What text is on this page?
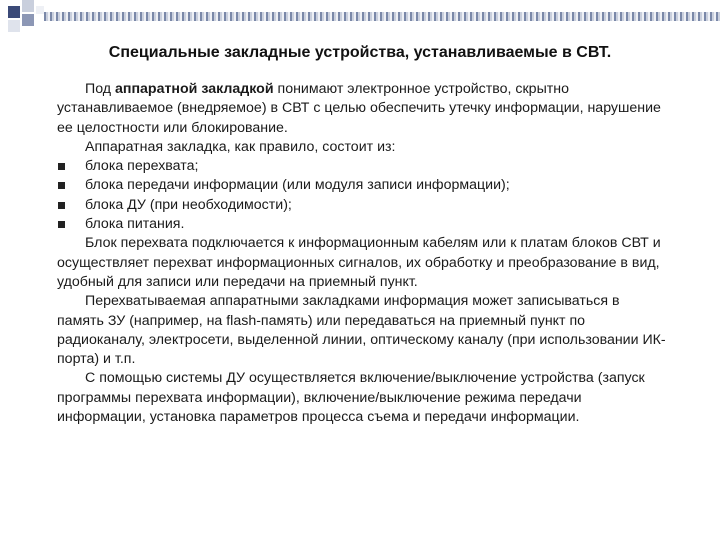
Специальные закладные устройства, устанавливаемые в СВТ.

Под аппаратной закладкой понимают электронное устройство, скрытно устанавливаемое (внедряемое) в СВТ с целью обеспечить утечку информации, нарушение ее целостности или блокирование.

Аппаратная закладка, как правило, состоит из:

блока перехвата;
блока передачи информации (или модуля записи информации);
блока ДУ (при необходимости);
блока питания.

Блок перехвата подключается к информационным кабелям или к платам блоков СВТ и осуществляет перехват информационных сигналов, их обработку и преобразование в вид, удобный для записи или передачи на приемный пункт.

Перехватываемая аппаратными закладками информация может записываться в память ЗУ (например, на flash-память) или передаваться на приемный пункт по радиоканалу, электросети, выделенной линии, оптическому каналу (при использовании ИК-порта) и т.п.

С помощью системы ДУ осуществляется включение/выключение устройства (запуск программы перехвата информации), включение/выключение режима передачи информации, установка параметров процесса съема и передачи информации.
